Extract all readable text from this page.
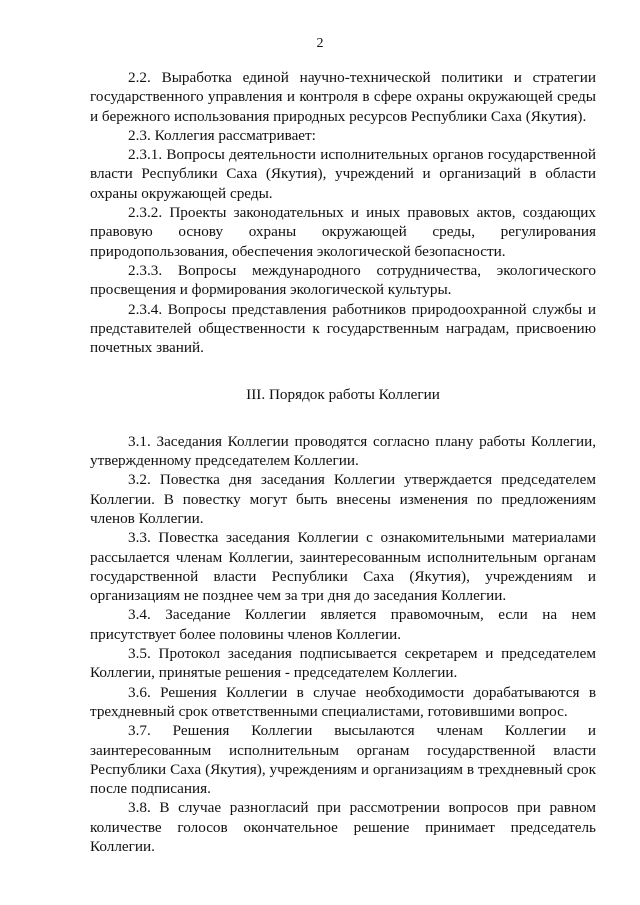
2

2.2. Выработка единой научно-технической политики и стратегии государственного управления и контроля в сфере охраны окружающей среды и бережного использования природных ресурсов Республики Саха (Якутия).

2.3. Коллегия рассматривает:

2.3.1. Вопросы деятельности исполнительных органов государственной власти Республики Саха (Якутия), учреждений и организаций в области охраны окружающей среды.

2.3.2. Проекты законодательных и иных правовых актов, создающих правовую основу охраны окружающей среды, регулирования природопользования, обеспечения экологической безопасности.

2.3.3. Вопросы международного сотрудничества, экологического просвещения и формирования экологической культуры.

2.3.4. Вопросы представления работников природоохранной службы и представителей общественности к государственным наградам, присвоению почетных званий.

III. Порядок работы Коллегии

3.1. Заседания Коллегии проводятся согласно плану работы Коллегии, утвержденному председателем Коллегии.

3.2. Повестка дня заседания Коллегии утверждается председателем Коллегии. В повестку могут быть внесены изменения по предложениям членов Коллегии.

3.3. Повестка заседания Коллегии с ознакомительными материалами рассылается членам Коллегии, заинтересованным исполнительным органам государственной власти Республики Саха (Якутия), учреждениям и организациям не позднее чем за три дня до заседания Коллегии.

3.4. Заседание Коллегии является правомочным, если на нем присутствует более половины членов Коллегии.

3.5. Протокол заседания подписывается секретарем и председателем Коллегии, принятые решения - председателем Коллегии.

3.6. Решения Коллегии в случае необходимости дорабатываются в трехдневный срок ответственными специалистами, готовившими вопрос.

3.7. Решения Коллегии высылаются членам Коллегии и заинтересованным исполнительным органам государственной власти Республики Саха (Якутия), учреждениям и организациям в трехдневный срок после подписания.

3.8. В случае разногласий при рассмотрении вопросов при равном количестве голосов окончательное решение принимает председатель Коллегии.
